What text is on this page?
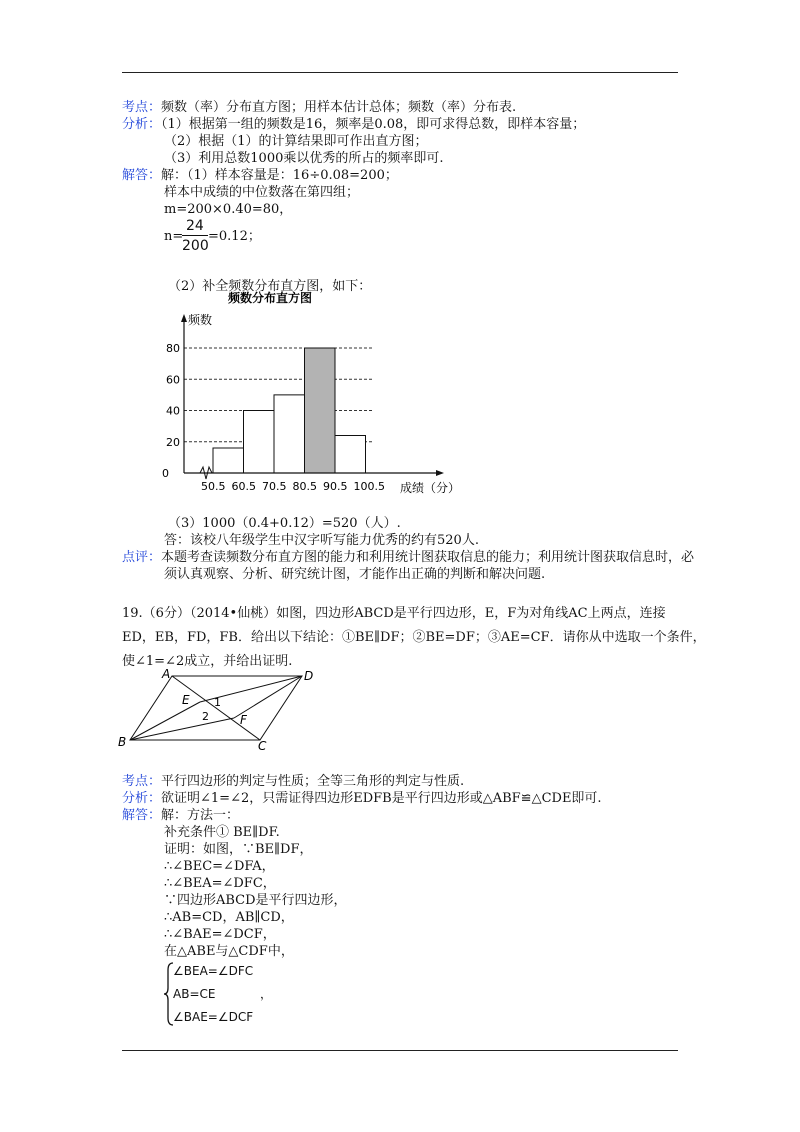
考点：频数（率）分布直方图；用样本估计总体；频数（率）分布表.
分析：（1）根据第一组的频数是16，频率是0.08，即可求得总数，即样本容量；
（2）根据（1）的计算结果即可作出直方图；
（3）利用总数1000乘以优秀的所占的频率即可.
解答：解：（1）样本容量是：16÷0.08=200；
样本中成绩的中位数落在第四组；
m=200×0.40=80，
n=
24
200
=0.12；
（2）补全频数分布直方图，如下：
频数分布直方图
频数
成绩（分）
0
20
40
60
80
50.5 60.5 70.5 80.5 90.5 100.5
（3）1000（0.4+0.12）=520（人）.
答：该校八年级学生中汉字听写能力优秀的约有520人.
点评：本题考查读频数分布直方图的能力和利用统计图获取信息的能力；利用统计图获取信息时，必
须认真观察、分析、研究统计图，才能作出正确的判断和解决问题.
19.（6分）（2014•仙桃）如图，四边形ABCD是平行四边形，E，F为对角线AC上两点，连接
ED，EB，FD，FB．给出以下结论：①BE∥DF；②BE=DF；③AE=CF．请你从中选取一个条件，
使∠1=∠2成立，并给出证明.
A	D
B	C
E
F
1
2
考点：平行四边形的判定与性质；全等三角形的判定与性质.
分析：欲证明∠1=∠2，只需证得四边形EDFB是平行四边形或△ABF≌△CDE即可.
解答：解：方法一：
补充条件① BE∥DF.
证明：如图，∵BE∥DF，
∴∠BEC=∠DFA，
∴∠BEA=∠DFC，
∵四边形ABCD是平行四边形，
∴AB=CD，AB∥CD，
∴∠BAE=∠DCF，
在△ABE与△CDF中，
∠BEA=∠DFC
AB=CE	，
∠BAE=∠DCF
